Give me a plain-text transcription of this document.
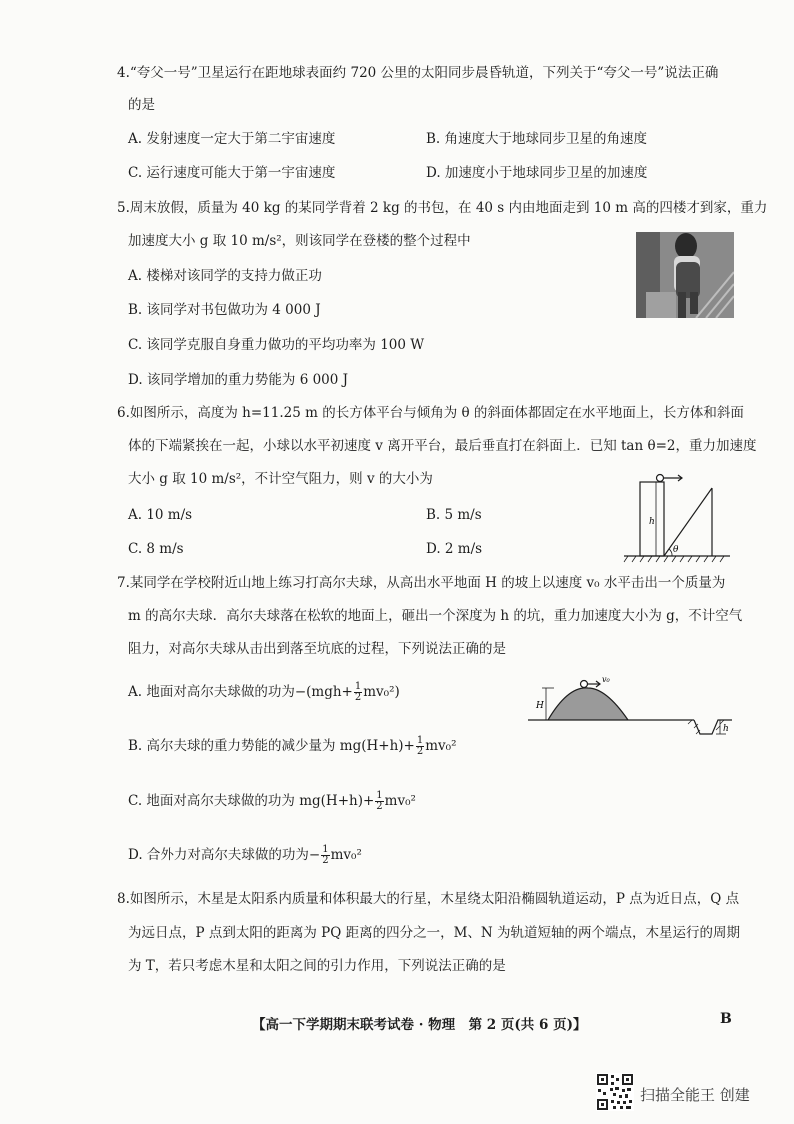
4.“夸父一号”卫星运行在距地球表面约 720 公里的太阳同步晨昏轨道，下列关于“夸父一号”说法正确
的是
A. 发射速度一定大于第二宇宙速度	B. 角速度大于地球同步卫星的角速度
C. 运行速度可能大于第一宇宙速度	D. 加速度小于地球同步卫星的加速度
5.周末放假，质量为 40 kg 的某同学背着 2 kg 的书包，在 40 s 内由地面走到 10 m 高的四楼才到家，重力
加速度大小 g 取 10 m/s²，则该同学在登楼的整个过程中
A. 楼梯对该同学的支持力做正功
B. 该同学对书包做功为 4 000 J
C. 该同学克服自身重力做功的平均功率为 100 W
D. 该同学增加的重力势能为 6 000 J
6.如图所示，高度为 h=11.25 m 的长方体平台与倾角为 θ 的斜面体都固定在水平地面上，长方体和斜面
体的下端紧挨在一起，小球以水平初速度 v 离开平台，最后垂直打在斜面上．已知 tan θ=2，重力加速度
大小 g 取 10 m/s²，不计空气阻力，则 v 的大小为
A. 10 m/s	B. 5 m/s
C. 8 m/s	D. 2 m/s
h
θ
7.某同学在学校附近山地上练习打高尔夫球，从高出水平地面 H 的坡上以速度 v₀ 水平击出一个质量为
m 的高尔夫球．高尔夫球落在松软的地面上，砸出一个深度为 h 的坑，重力加速度大小为 g，不计空气
阻力，对高尔夫球从击出到落至坑底的过程，下列说法正确的是
A. 地面对高尔夫球做的功为$-(mgh+ \frac{1}{2} mv_0^2)$
B. 高尔夫球的重力势能的减少量为 $mg(H+h)+ \frac{1}{2} mv_0^2$
C. 地面对高尔夫球做的功为 $mg(H+h)+ \frac{1}{2} mv_0^2$
D. 合外力对高尔夫球做的功为− $\frac{1}{2} mv_0^2$
v₀
H
h
8.如图所示，木星是太阳系内质量和体积最大的行星，木星绕太阳沿椭圆轨道运动，P 点为近日点，Q 点
为远日点，P 点到太阳的距离为 PQ 距离的四分之一，M、N 为轨道短轴的两个端点，木星运行的周期
为 T，若只考虑木星和太阳之间的引力作用，下列说法正确的是
【高一下学期期末联考试卷 · 物理　第 2 页(共 6 页)】	B
扫描全能王 创建
